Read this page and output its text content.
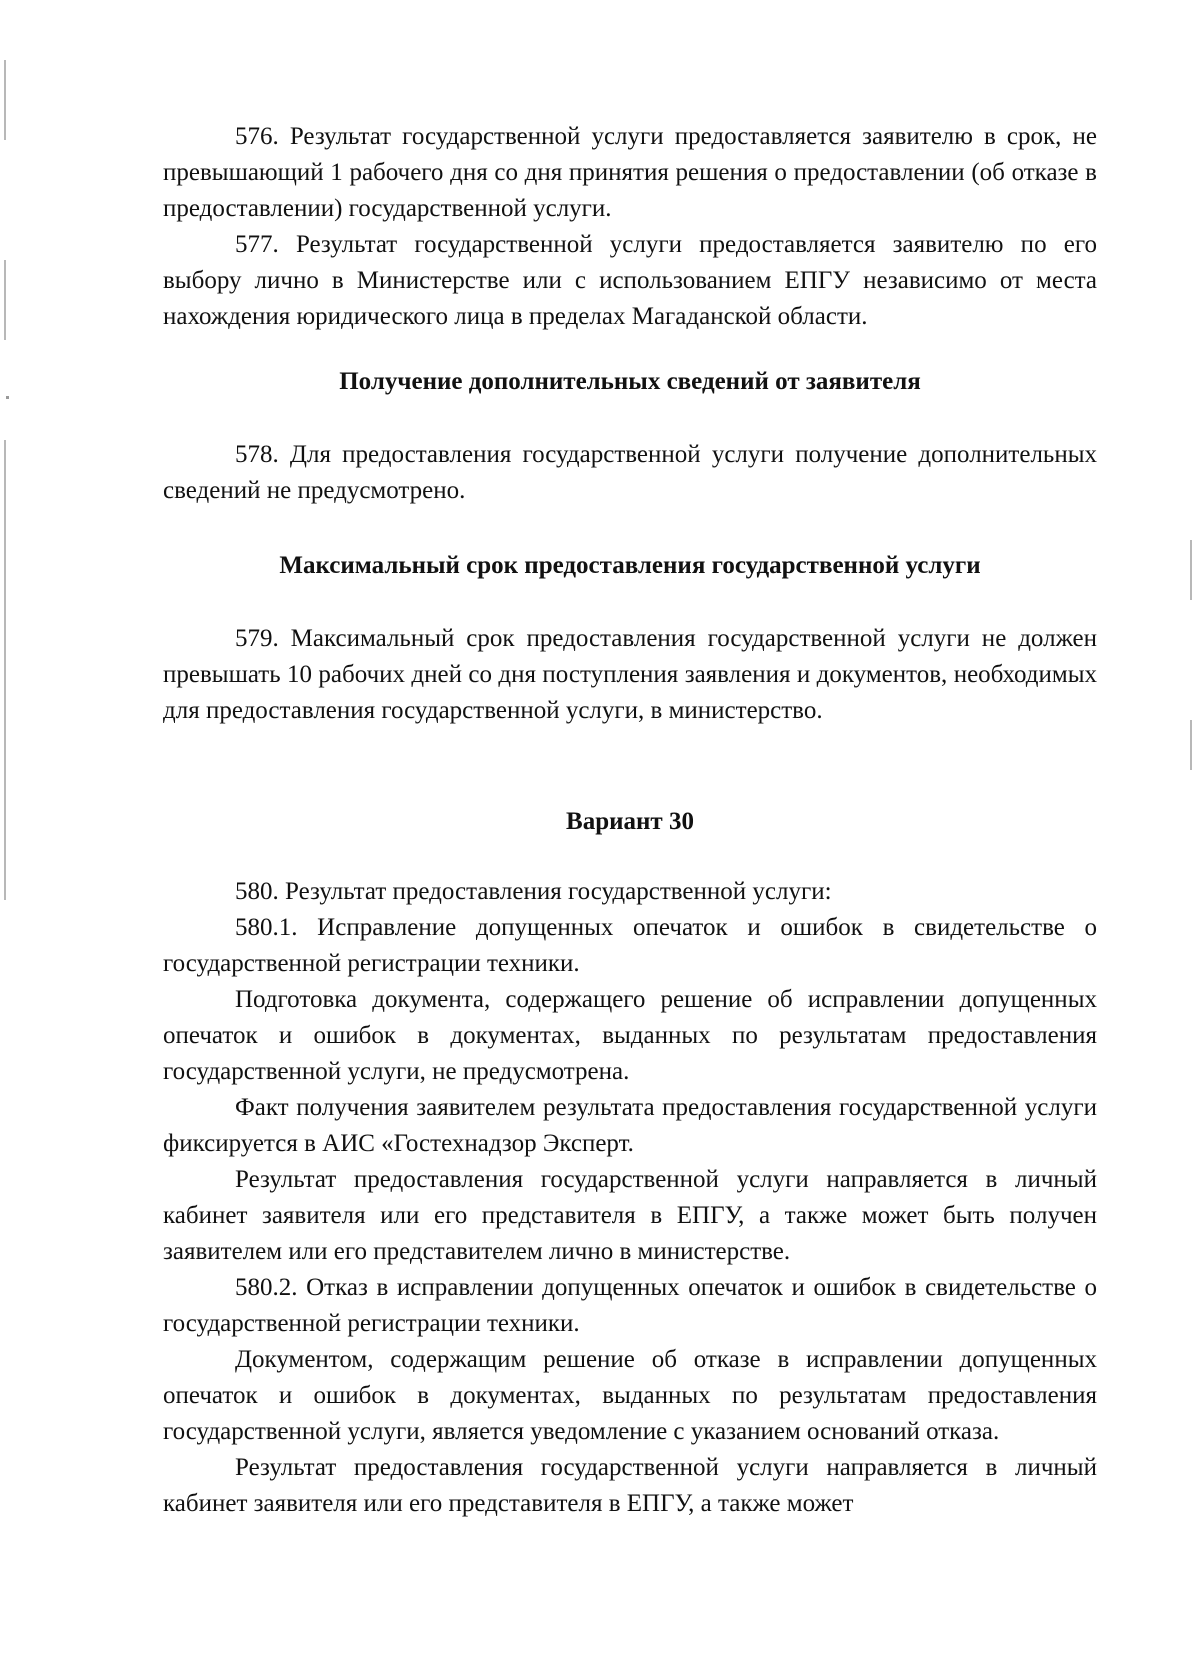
576. Результат государственной услуги предоставляется заявителю в срок, не превышающий 1 рабочего дня со дня принятия решения о предоставлении (об отказе в предоставлении) государственной услуги.

577. Результат государственной услуги предоставляется заявителю по его выбору лично в Министерстве или с использованием ЕПГУ независимо от места нахождения юридического лица в пределах Магаданской области.

Получение дополнительных сведений от заявителя

578. Для предоставления государственной услуги получение дополнительных сведений не предусмотрено.

Максимальный срок предоставления государственной услуги

579. Максимальный срок предоставления государственной услуги не должен превышать 10 рабочих дней со дня поступления заявления и документов, необходимых для предоставления государственной услуги, в министерство.

Вариант 30

580. Результат предоставления государственной услуги:

580.1. Исправление допущенных опечаток и ошибок в свидетельстве о государственной регистрации техники.

Подготовка документа, содержащего решение об исправлении допущенных опечаток и ошибок в документах, выданных по результатам предоставления государственной услуги, не предусмотрена.

Факт получения заявителем результата предоставления государственной услуги фиксируется в АИС «Гостехнадзор Эксперт.

Результат предоставления государственной услуги направляется в личный кабинет заявителя или его представителя в ЕПГУ, а также может быть получен заявителем или его представителем лично в министерстве.

580.2. Отказ в исправлении допущенных опечаток и ошибок в свидетельстве о государственной регистрации техники.

Документом, содержащим решение об отказе в исправлении допущенных опечаток и ошибок в документах, выданных по результатам предоставления государственной услуги, является уведомление с указанием оснований отказа.

Результат предоставления государственной услуги направляется в личный кабинет заявителя или его представителя в ЕПГУ, а также может
